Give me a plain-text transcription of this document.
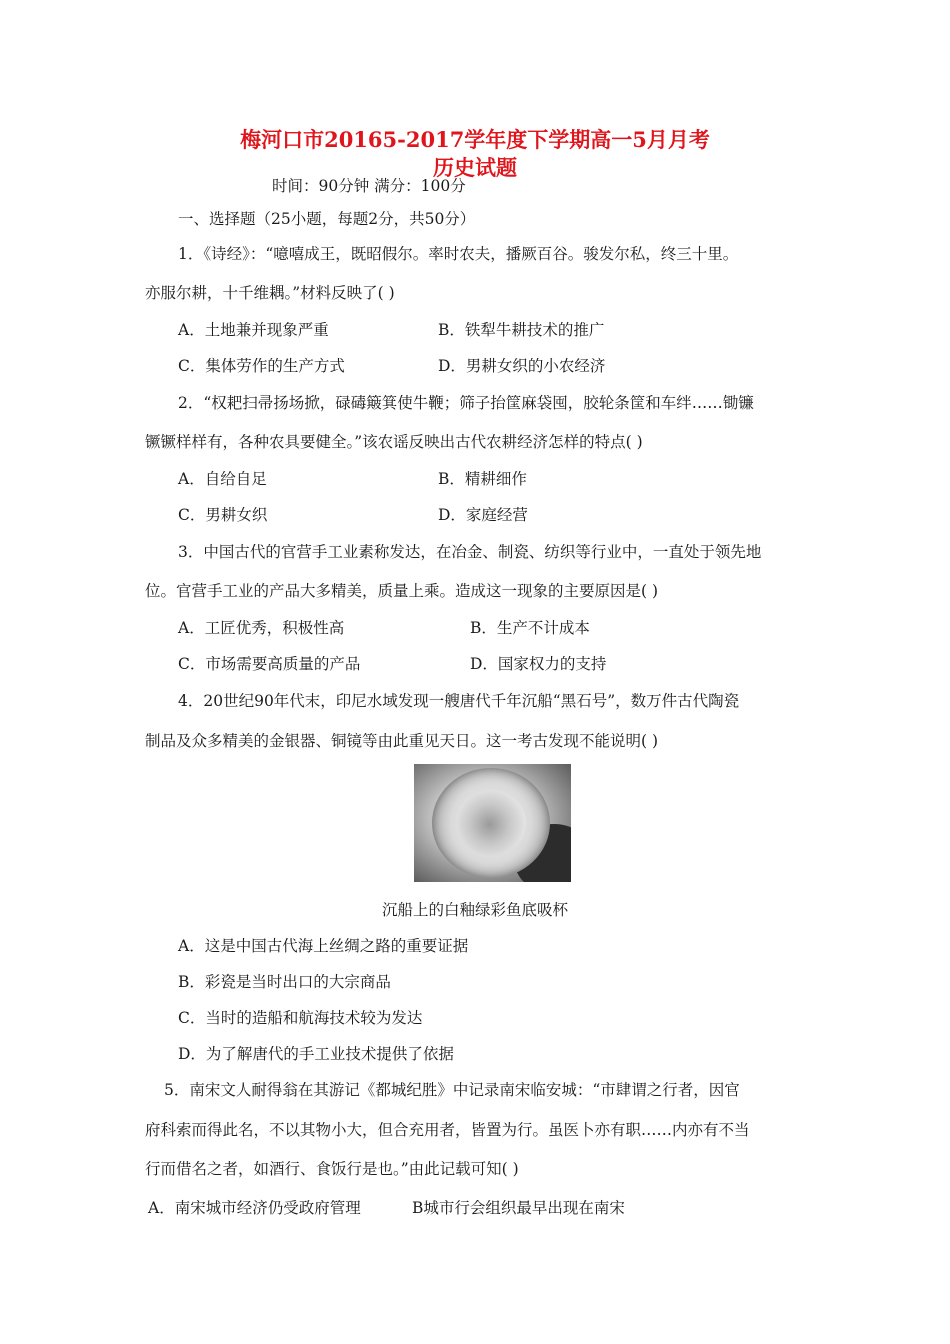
梅河口市20165-2017学年度下学期高一5月月考
历史试题
时间：90分钟 满分：100分
一、选择题（25小题，每题2分，共50分）
1．《诗经》：“噫嘻成王，既昭假尔。率时农夫，播厥百谷。骏发尔私，终三十里。
亦服尔耕，十千维耦。”材料反映了( )
A．土地兼并现象严重	B．铁犁牛耕技术的推广
C．集体劳作的生产方式	D．男耕女织的小农经济
2．“权耙扫帚扬场掀，碌碡簸箕使牛鞭；筛子抬筐麻袋囤，胶轮条筐和车绊……锄镰
镢镢样样有，各种农具要健全。”该农谣反映出古代农耕经济怎样的特点( )
A．自给自足	B．精耕细作
C．男耕女织	D．家庭经营
3．中国古代的官营手工业素称发达，在冶金、制瓷、纺织等行业中，一直处于领先地
位。官营手工业的产品大多精美，质量上乘。造成这一现象的主要原因是( )
A．工匠优秀，积极性高	B．生产不计成本
C．市场需要高质量的产品	D．国家权力的支持
4．20世纪90年代末，印尼水域发现一艘唐代千年沉船“黑石号”，数万件古代陶瓷
制品及众多精美的金银器、铜镜等由此重见天日。这一考古发现不能说明( )
沉船上的白釉绿彩鱼底吸杯
A．这是中国古代海上丝绸之路的重要证据
B．彩瓷是当时出口的大宗商品
C．当时的造船和航海技术较为发达
D．为了解唐代的手工业技术提供了依据
5．南宋文人耐得翁在其游记《都城纪胜》中记录南宋临安城：“市肆谓之行者，因官
府科索而得此名，不以其物小大，但合充用者，皆置为行。虽医卜亦有职……内亦有不当
行而借名之者，如酒行、食饭行是也。”由此记载可知( )
A．南宋城市经济仍受政府管理	B城市行会组织最早出现在南宋
